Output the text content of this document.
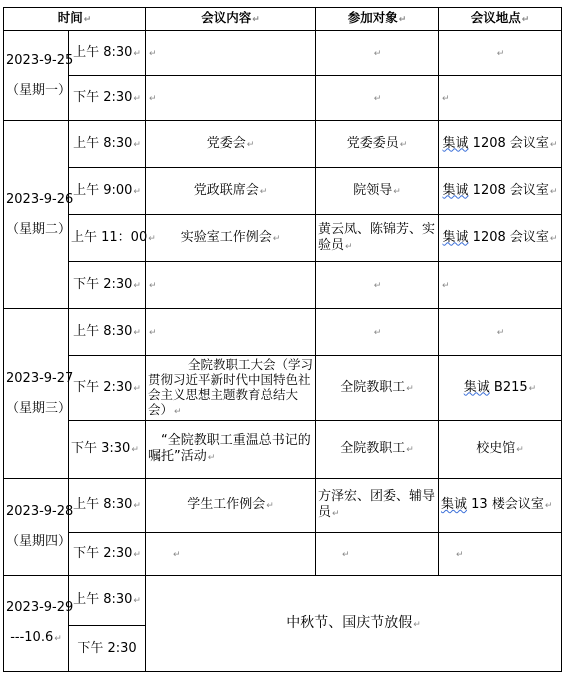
时间↵		会议内容↵	参加对象↵	会议地点↵

2023-9-25
（星期一）	上午 8:30↵	↵	↵	↵
	下午 2:30↵	↵	↵	↵

2023-9-26
（星期二）	上午 8:30↵	党委会↵	党委委员↵	集诚 1208 会议室↵
	上午 9:00↵	党政联席会↵	院领导↵	集诚 1208 会议室↵
	上午 11：00↵	实验室工作例会↵	黄云凤、陈锦芳、实验员↵	集诚 1208 会议室↵
	下午 2:30↵	↵	↵	↵

2023-9-27
（星期三）	上午 8:30↵	↵	↵	↵
	下午 2:30↵	全院教职工大会（学习贯彻习近平新时代中国特色社会主义思想主题教育总结大会）↵	全院教职工↵	集诚 B215↵
	下午 3:30↵	“全院教职工重温总书记的嘱托”活动↵	全院教职工↵	校史馆↵

2023-9-28
（星期四）	上午 8:30↵	学生工作例会↵	方泽宏、团委、辅导员↵	集诚 13 楼会议室↵
	下午 2:30↵	↵	↵	↵

2023-9-29
---10.6↵	上午 8:30↵	中秋节、国庆节放假↵		
	下午 2:30			
